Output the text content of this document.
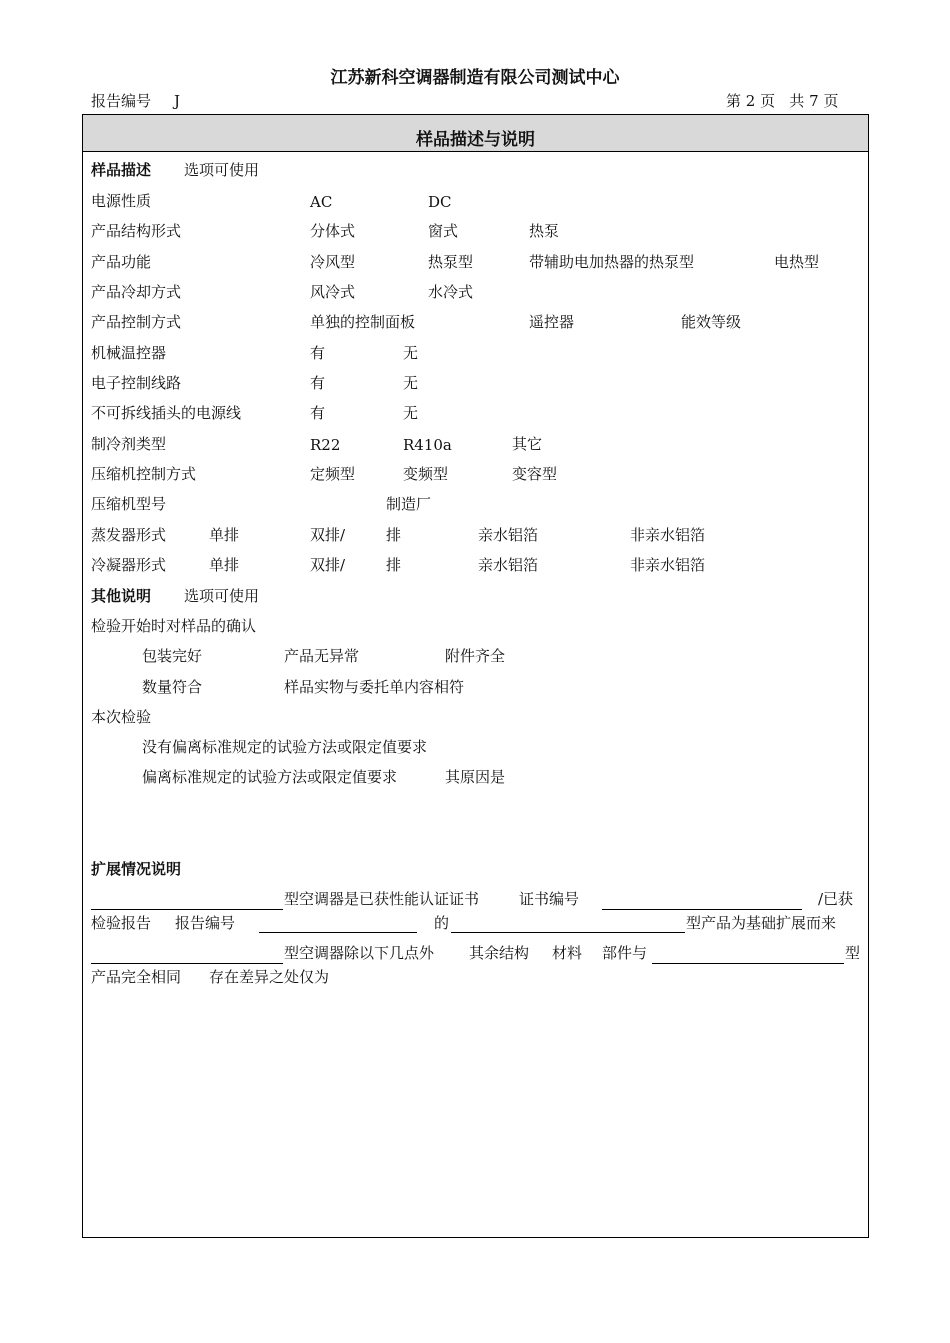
江苏新科空调器制造有限公司测试中心
报告编号 J	第 2 页   共 7 页
样品描述与说明
样品描述 选项可使用
电源性质	AC	DC
产品结构形式	分体式	窗式	热泵
产品功能	冷风型	热泵型	带辅助电加热器的热泵型	电热型
产品冷却方式	风冷式	水冷式
产品控制方式	单独的控制面板	遥控器	能效等级
机械温控器	有	无
电子控制线路	有	无
不可拆线插头的电源线	有	无
制冷剂类型	R22	R410a	其它
压缩机控制方式	定频型	变频型	变容型
压缩机型号	制造厂
蒸发器形式	单排	双排/	排	亲水铝箔	非亲水铝箔
冷凝器形式	单排	双排/	排	亲水铝箔	非亲水铝箔
其他说明 选项可使用
检验开始时对样品的确认
包装完好	产品无异常	附件齐全
数量符合	样品实物与委托单内容相符
本次检验
没有偏离标准规定的试验方法或限定值要求
偏离标准规定的试验方法或限定值要求	其原因是
扩展情况说明
型空调器是已获性能认证证书	证书编号	/已获
检验报告 报告编号	的	型产品为基础扩展而来
型空调器除以下几点外 其余结构 材料 部件与	型
产品完全相同 存在差异之处仅为
